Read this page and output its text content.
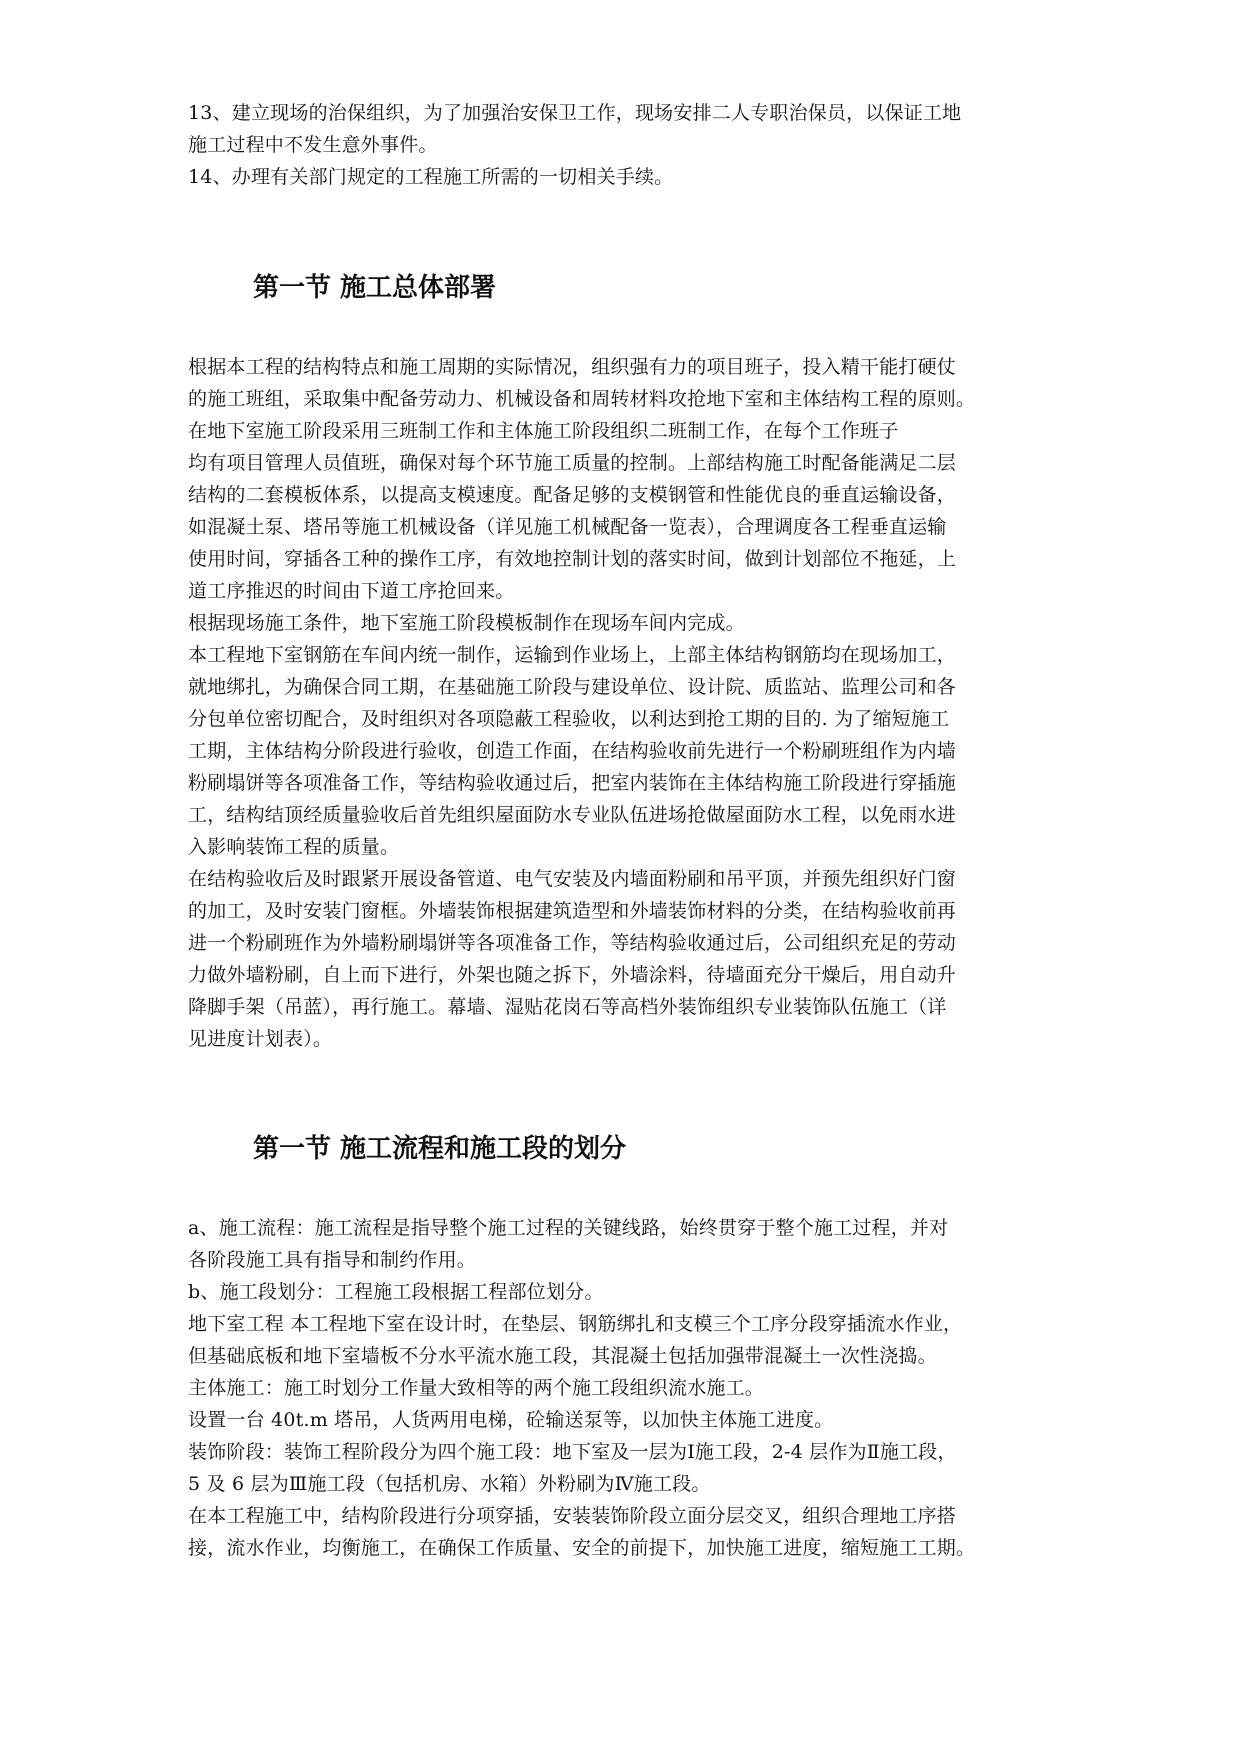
13、建立现场的治保组织，为了加强治安保卫工作，现场安排二人专职治保员，以保证工地
施工过程中不发生意外事件。
14、办理有关部门规定的工程施工所需的一切相关手续。
第一节 施工总体部署
根据本工程的结构特点和施工周期的实际情况，组织强有力的项目班子，投入精干能打硬仗
的施工班组，采取集中配备劳动力、机械设备和周转材料攻抢地下室和主体结构工程的原则。
在地下室施工阶段采用三班制工作和主体施工阶段组织二班制工作，在每个工作班子
均有项目管理人员值班，确保对每个环节施工质量的控制。上部结构施工时配备能满足二层
结构的二套模板体系，以提高支模速度。配备足够的支模钢管和性能优良的垂直运输设备，
如混凝土泵、塔吊等施工机械设备（详见施工机械配备一览表），合理调度各工程垂直运输
使用时间，穿插各工种的操作工序，有效地控制计划的落实时间，做到计划部位不拖延，上
道工序推迟的时间由下道工序抢回来。
根据现场施工条件，地下室施工阶段模板制作在现场车间内完成。
本工程地下室钢筋在车间内统一制作，运输到作业场上，上部主体结构钢筋均在现场加工，
就地绑扎，为确保合同工期，在基础施工阶段与建设单位、设计院、质监站、监理公司和各
分包单位密切配合，及时组织对各项隐蔽工程验收，以利达到抢工期的目的. 为了缩短施工
工期，主体结构分阶段进行验收，创造工作面，在结构验收前先进行一个粉刷班组作为内墙
粉刷塌饼等各项准备工作，等结构验收通过后，把室内装饰在主体结构施工阶段进行穿插施
工，结构结顶经质量验收后首先组织屋面防水专业队伍进场抢做屋面防水工程，以免雨水进
入影响装饰工程的质量。
在结构验收后及时跟紧开展设备管道、电气安装及内墙面粉刷和吊平顶，并预先组织好门窗
的加工，及时安装门窗框。外墙装饰根据建筑造型和外墙装饰材料的分类，在结构验收前再
进一个粉刷班作为外墙粉刷塌饼等各项准备工作，等结构验收通过后，公司组织充足的劳动
力做外墙粉刷，自上而下进行，外架也随之拆下，外墙涂料，待墙面充分干燥后，用自动升
降脚手架（吊蓝），再行施工。幕墙、湿贴花岗石等高档外装饰组织专业装饰队伍施工（详
见进度计划表）。
第一节 施工流程和施工段的划分
a、施工流程：施工流程是指导整个施工过程的关键线路，始终贯穿于整个施工过程，并对
各阶段施工具有指导和制约作用。
b、施工段划分：工程施工段根据工程部位划分。
地下室工程 本工程地下室在设计时，在垫层、钢筋绑扎和支模三个工序分段穿插流水作业，
但基础底板和地下室墙板不分水平流水施工段，其混凝土包括加强带混凝土一次性浇捣。
主体施工：施工时划分工作量大致相等的两个施工段组织流水施工。
设置一台 40t.m 塔吊，人货两用电梯，砼输送泵等，以加快主体施工进度。
装饰阶段：装饰工程阶段分为四个施工段：地下室及一层为Ⅰ施工段，2-4 层作为Ⅱ施工段，
5 及 6 层为Ⅲ施工段（包括机房、水箱）外粉刷为Ⅳ施工段。
在本工程施工中，结构阶段进行分项穿插，安装装饰阶段立面分层交叉，组织合理地工序搭
接，流水作业，均衡施工，在确保工作质量、安全的前提下，加快施工进度，缩短施工工期。
